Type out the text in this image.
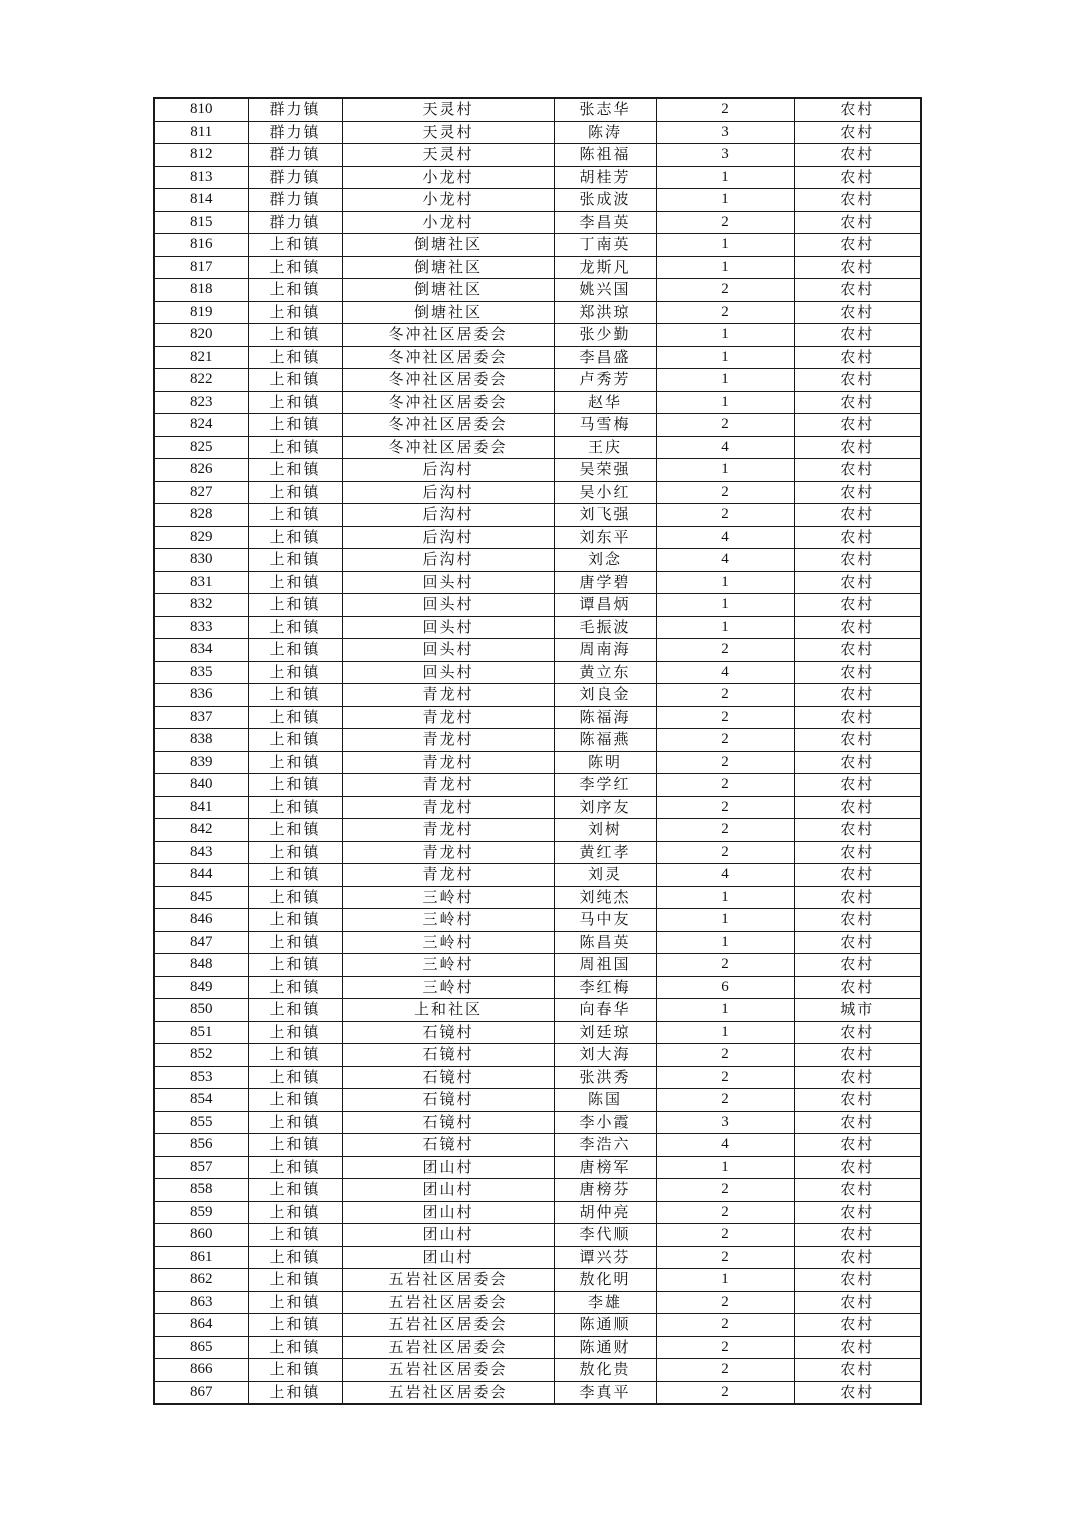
810	群力镇	天灵村	张志华	2	农村
811	群力镇	天灵村	陈涛	3	农村
812	群力镇	天灵村	陈祖福	3	农村
813	群力镇	小龙村	胡桂芳	1	农村
814	群力镇	小龙村	张成波	1	农村
815	群力镇	小龙村	李昌英	2	农村
816	上和镇	倒塘社区	丁南英	1	农村
817	上和镇	倒塘社区	龙斯凡	1	农村
818	上和镇	倒塘社区	姚兴国	2	农村
819	上和镇	倒塘社区	郑洪琼	2	农村
820	上和镇	冬冲社区居委会	张少勤	1	农村
821	上和镇	冬冲社区居委会	李昌盛	1	农村
822	上和镇	冬冲社区居委会	卢秀芳	1	农村
823	上和镇	冬冲社区居委会	赵华	1	农村
824	上和镇	冬冲社区居委会	马雪梅	2	农村
825	上和镇	冬冲社区居委会	王庆	4	农村
826	上和镇	后沟村	吴荣强	1	农村
827	上和镇	后沟村	吴小红	2	农村
828	上和镇	后沟村	刘飞强	2	农村
829	上和镇	后沟村	刘东平	4	农村
830	上和镇	后沟村	刘念	4	农村
831	上和镇	回头村	唐学碧	1	农村
832	上和镇	回头村	谭昌炳	1	农村
833	上和镇	回头村	毛振波	1	农村
834	上和镇	回头村	周南海	2	农村
835	上和镇	回头村	黄立东	4	农村
836	上和镇	青龙村	刘良金	2	农村
837	上和镇	青龙村	陈福海	2	农村
838	上和镇	青龙村	陈福燕	2	农村
839	上和镇	青龙村	陈明	2	农村
840	上和镇	青龙村	李学红	2	农村
841	上和镇	青龙村	刘序友	2	农村
842	上和镇	青龙村	刘树	2	农村
843	上和镇	青龙村	黄红孝	2	农村
844	上和镇	青龙村	刘灵	4	农村
845	上和镇	三岭村	刘纯杰	1	农村
846	上和镇	三岭村	马中友	1	农村
847	上和镇	三岭村	陈昌英	1	农村
848	上和镇	三岭村	周祖国	2	农村
849	上和镇	三岭村	李红梅	6	农村
850	上和镇	上和社区	向春华	1	城市
851	上和镇	石镜村	刘廷琼	1	农村
852	上和镇	石镜村	刘大海	2	农村
853	上和镇	石镜村	张洪秀	2	农村
854	上和镇	石镜村	陈国	2	农村
855	上和镇	石镜村	李小霞	3	农村
856	上和镇	石镜村	李浩六	4	农村
857	上和镇	团山村	唐榜军	1	农村
858	上和镇	团山村	唐榜芬	2	农村
859	上和镇	团山村	胡仲亮	2	农村
860	上和镇	团山村	李代顺	2	农村
861	上和镇	团山村	谭兴芬	2	农村
862	上和镇	五岩社区居委会	敖化明	1	农村
863	上和镇	五岩社区居委会	李雄	2	农村
864	上和镇	五岩社区居委会	陈通顺	2	农村
865	上和镇	五岩社区居委会	陈通财	2	农村
866	上和镇	五岩社区居委会	敖化贵	2	农村
867	上和镇	五岩社区居委会	李真平	2	农村
